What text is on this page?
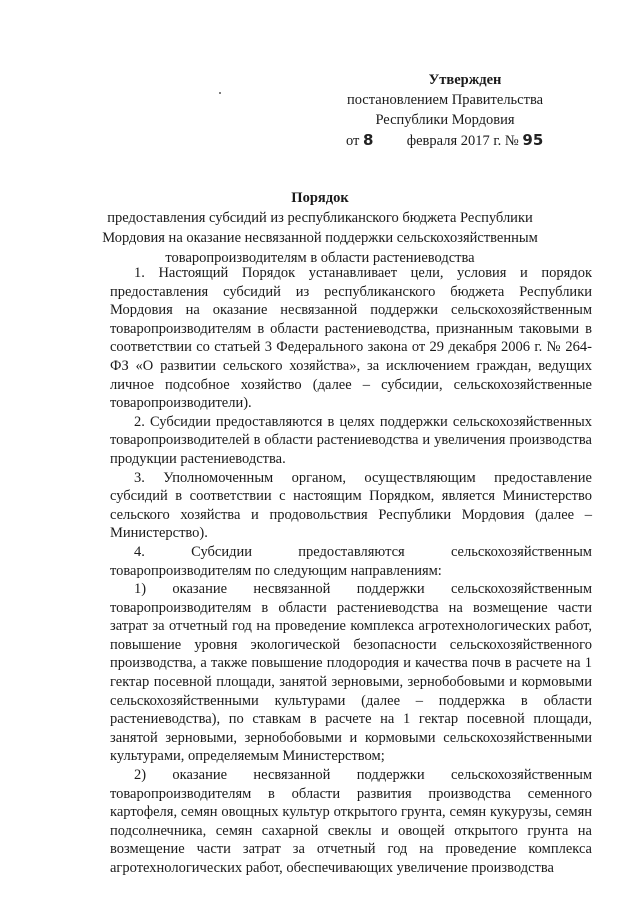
Утвержден
постановлением Правительства
Республики Мордовия
от 8 февраля 2017 г. № 95
Порядок
предоставления субсидий из республиканского бюджета Республики Мордовия на оказание несвязанной поддержки сельскохозяйственным товаропроизводителям в области растениеводства

1. Настоящий Порядок устанавливает цели, условия и порядок предоставления субсидий из республиканского бюджета Республики Мордовия на оказание несвязанной поддержки сельскохозяйственным товаропроизводителям в области растениеводства, признанным таковыми в соответствии со статьей 3 Федерального закона от 29 декабря 2006 г. № 264-ФЗ «О развитии сельского хозяйства», за исключением граждан, ведущих личное подсобное хозяйство (далее – субсидии, сельскохозяйственные товаропроизводители).

2. Субсидии предоставляются в целях поддержки сельскохозяйственных товаропроизводителей в области растениеводства и увеличения производства продукции растениеводства.

3. Уполномоченным органом, осуществляющим предоставление субсидий в соответствии с настоящим Порядком, является Министерство сельского хозяйства и продовольствия Республики Мордовия (далее – Министерство).

4. Субсидии предоставляются сельскохозяйственным товаропроизводителям по следующим направлениям:

1) оказание несвязанной поддержки сельскохозяйственным товаропроизводителям в области растениеводства на возмещение части затрат за отчетный год на проведение комплекса агротехнологических работ, повышение уровня экологической безопасности сельскохозяйственного производства, а также повышение плодородия и качества почв в расчете на 1 гектар посевной площади, занятой зерновыми, зернобобовыми и кормовыми сельскохозяйственными культурами (далее – поддержка в области растениеводства), по ставкам в расчете на 1 гектар посевной площади, занятой зерновыми, зернобобовыми и кормовыми сельскохозяйственными культурами, определяемым Министерством;

2) оказание несвязанной поддержки сельскохозяйственным товаропроизводителям в области развития производства семенного картофеля, семян овощных культур открытого грунта, семян кукурузы, семян подсолнечника, семян сахарной свеклы и овощей открытого грунта на возмещение части затрат за отчетный год на проведение комплекса агротехнологических работ, обеспечивающих увеличение производства
